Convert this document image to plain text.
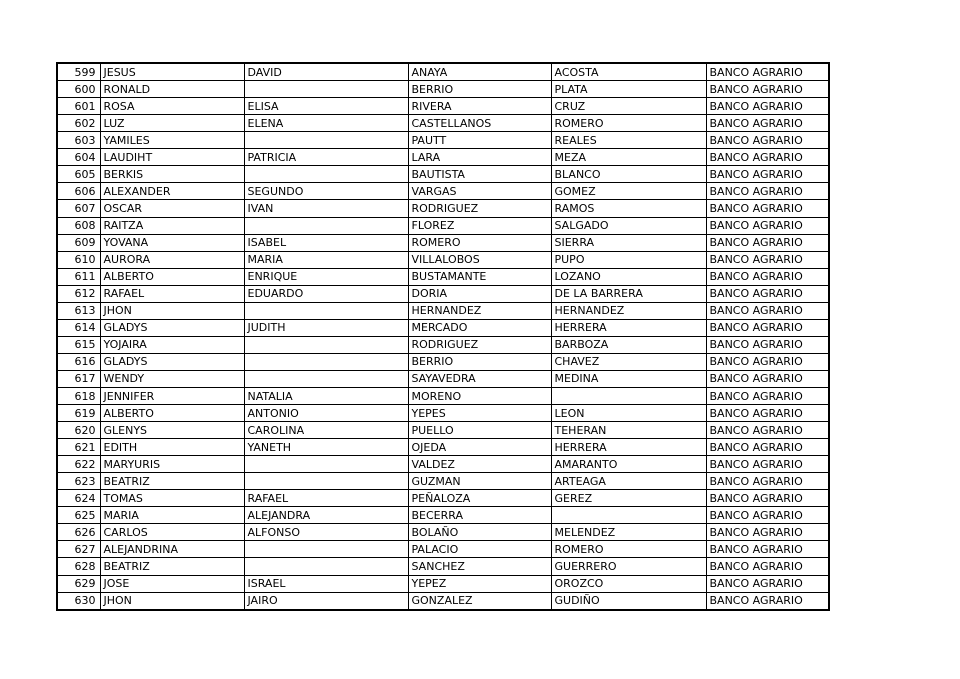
599	JESUS	DAVID	ANAYA	ACOSTA	BANCO AGRARIO
600	RONALD		BERRIO	PLATA	BANCO AGRARIO
601	ROSA	ELISA	RIVERA	CRUZ	BANCO AGRARIO
602	LUZ	ELENA	CASTELLANOS	ROMERO	BANCO AGRARIO
603	YAMILES		PAUTT	REALES	BANCO AGRARIO
604	LAUDIHT	PATRICIA	LARA	MEZA	BANCO AGRARIO
605	BERKIS		BAUTISTA	BLANCO	BANCO AGRARIO
606	ALEXANDER	SEGUNDO	VARGAS	GOMEZ	BANCO AGRARIO
607	OSCAR	IVAN	RODRIGUEZ	RAMOS	BANCO AGRARIO
608	RAITZA		FLOREZ	SALGADO	BANCO AGRARIO
609	YOVANA	ISABEL	ROMERO	SIERRA	BANCO AGRARIO
610	AURORA	MARIA	VILLALOBOS	PUPO	BANCO AGRARIO
611	ALBERTO	ENRIQUE	BUSTAMANTE	LOZANO	BANCO AGRARIO
612	RAFAEL	EDUARDO	DORIA	DE LA BARRERA	BANCO AGRARIO
613	JHON		HERNANDEZ	HERNANDEZ	BANCO AGRARIO
614	GLADYS	JUDITH	MERCADO	HERRERA	BANCO AGRARIO
615	YOJAIRA		RODRIGUEZ	BARBOZA	BANCO AGRARIO
616	GLADYS		BERRIO	CHAVEZ	BANCO AGRARIO
617	WENDY		SAYAVEDRA	MEDINA	BANCO AGRARIO
618	JENNIFER	NATALIA	MORENO		BANCO AGRARIO
619	ALBERTO	ANTONIO	YEPES	LEON	BANCO AGRARIO
620	GLENYS	CAROLINA	PUELLO	TEHERAN	BANCO AGRARIO
621	EDITH	YANETH	OJEDA	HERRERA	BANCO AGRARIO
622	MARYURIS		VALDEZ	AMARANTO	BANCO AGRARIO
623	BEATRIZ		GUZMAN	ARTEAGA	BANCO AGRARIO
624	TOMAS	RAFAEL	PEÑALOZA	GEREZ	BANCO AGRARIO
625	MARIA	ALEJANDRA	BECERRA		BANCO AGRARIO
626	CARLOS	ALFONSO	BOLAÑO	MELENDEZ	BANCO AGRARIO
627	ALEJANDRINA		PALACIO	ROMERO	BANCO AGRARIO
628	BEATRIZ		SANCHEZ	GUERRERO	BANCO AGRARIO
629	JOSE	ISRAEL	YEPEZ	OROZCO	BANCO AGRARIO
630	JHON	JAIRO	GONZALEZ	GUDIÑO	BANCO AGRARIO
